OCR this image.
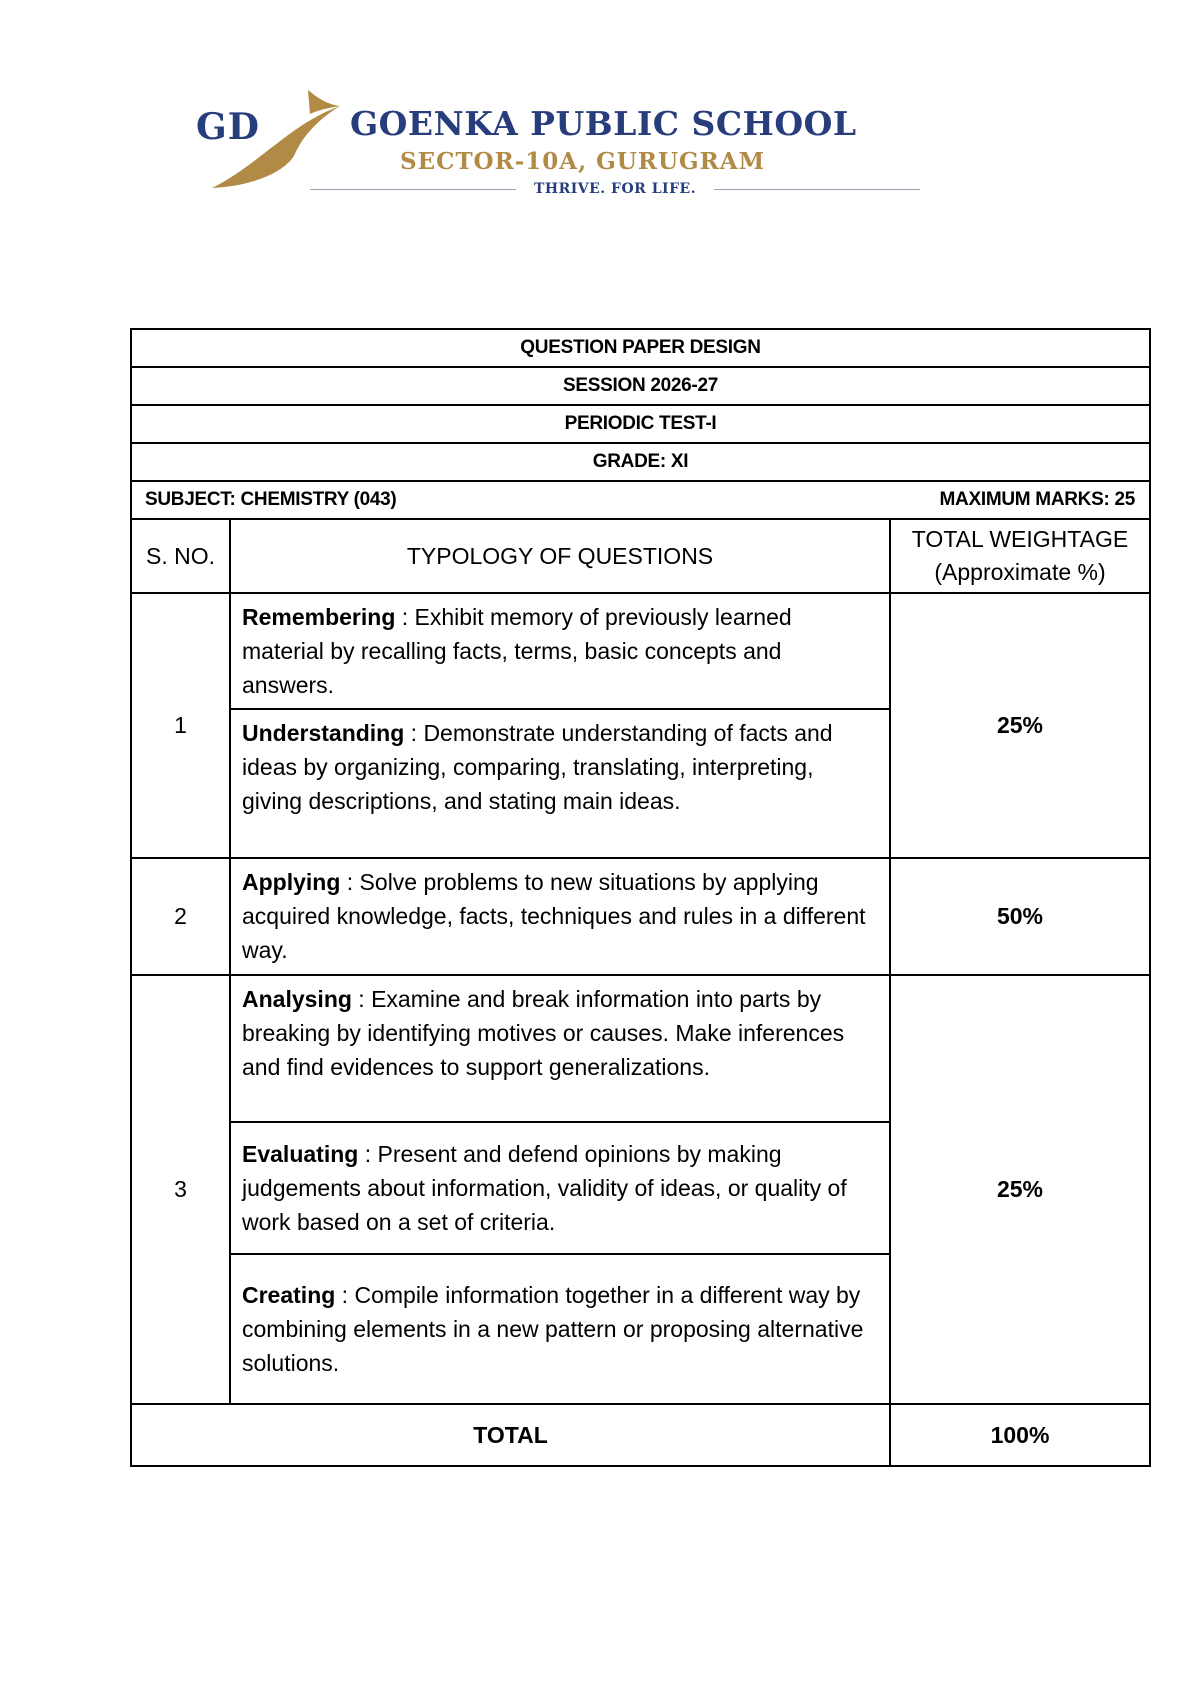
GD	GOENKA PUBLIC SCHOOL
SECTOR-10A, GURUGRAM
THRIVE. FOR LIFE.
QUESTION PAPER DESIGN		
SESSION 2026-27		
PERIODIC TEST-I		
GRADE: XI		

SUBJECT: CHEMISTRY (043) MAXIMUM MARKS: 25		

S. NO.	TYPOLOGY OF QUESTIONS	TOTAL WEIGHTAGE
(Approximate %)
1	Remembering : Exhibit memory of previously learned material by recalling facts, terms, basic concepts and answers.	25%
	Understanding : Demonstrate understanding of facts and ideas by organizing, comparing, translating, interpreting, giving descriptions, and stating main ideas.	
2	Applying : Solve problems to new situations by applying acquired knowledge, facts, techniques and rules in a different way.	50%
3	Analysing : Examine and break information into parts by breaking by identifying motives or causes. Make inferences and find evidences to support generalizations.	25%
	Evaluating : Present and defend opinions by making judgements about information, validity of ideas, or quality of work based on a set of criteria.	
	Creating : Compile information together in a different way by combining elements in a new pattern or proposing alternative solutions.	
TOTAL		100%
